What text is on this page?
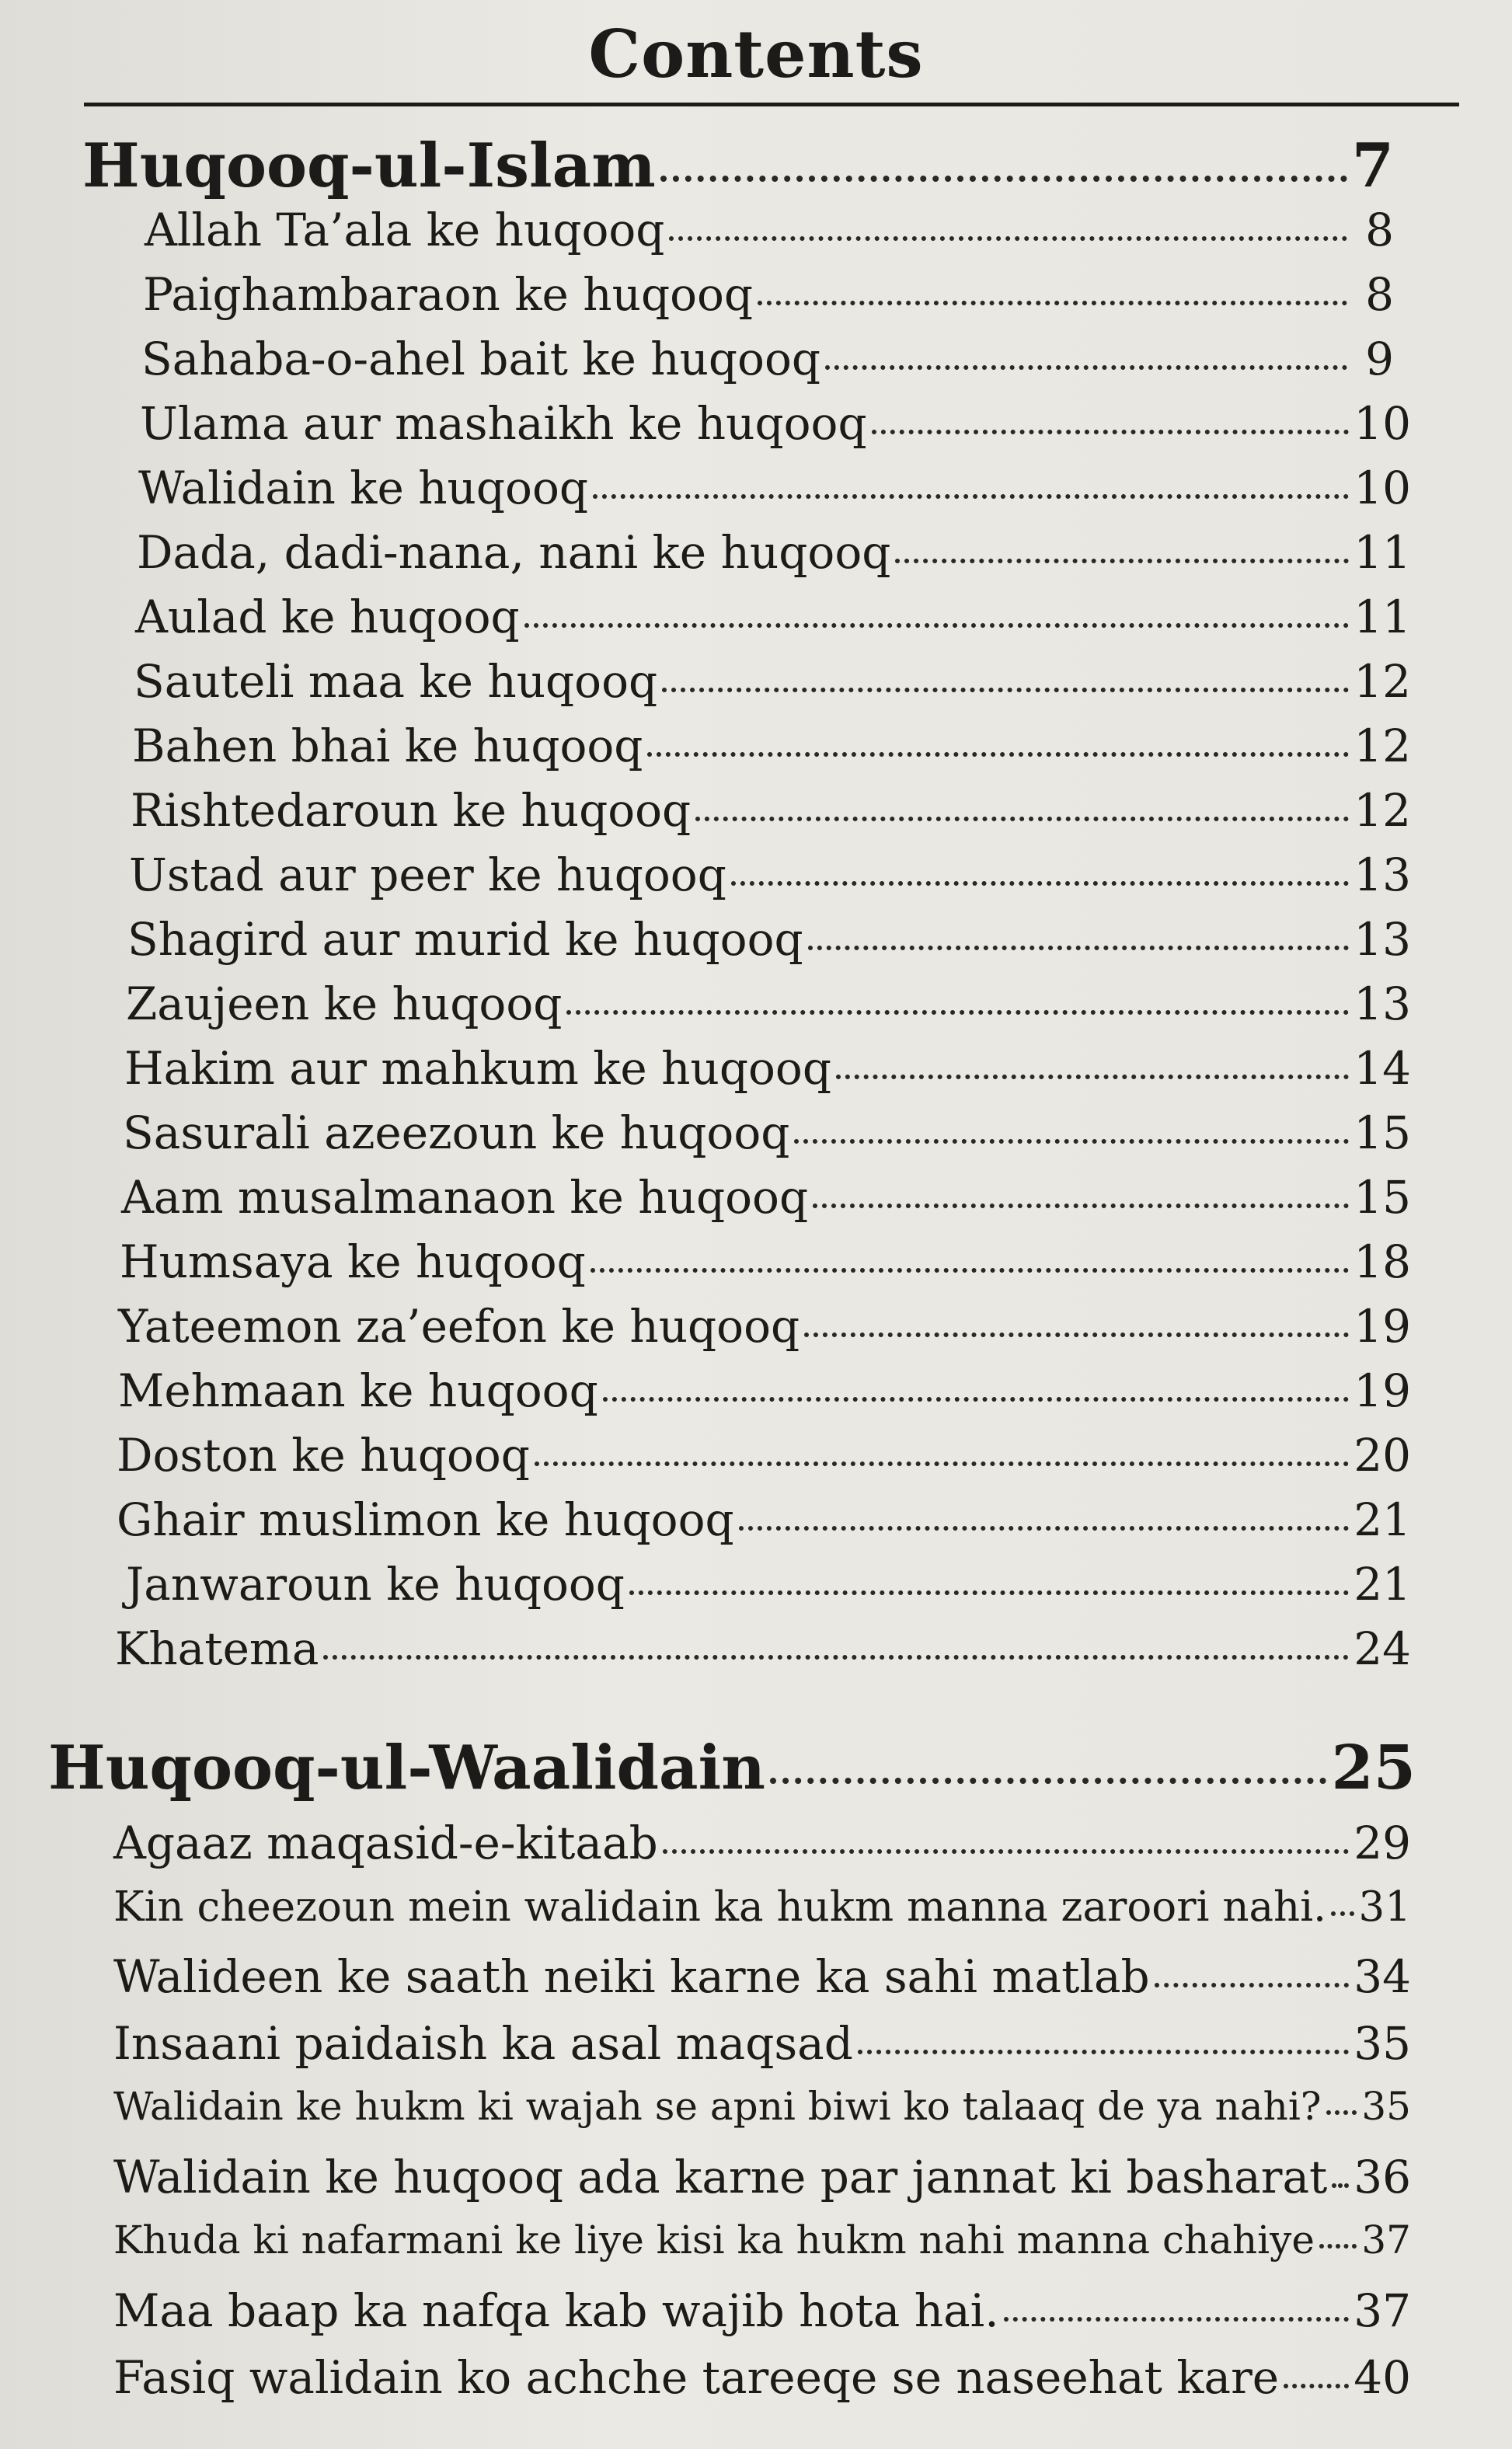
Contents
Huqooq-ul-Islam	7
Allah Ta’ala ke huqooq	8
Paighambaraon ke huqooq	8
Sahaba-o-ahel bait ke huqooq	9
Ulama aur mashaikh ke huqooq	10
Walidain ke huqooq	10
Dada, dadi-nana, nani ke huqooq	11
Aulad ke huqooq	11
Sauteli maa ke huqooq	12
Bahen bhai ke huqooq	12
Rishtedaroun ke huqooq	12
Ustad aur peer ke huqooq	13
Shagird aur murid ke huqooq	13
Zaujeen ke huqooq	13
Hakim aur mahkum ke huqooq	14
Sasurali azeezoun ke huqooq	15
Aam musalmanaon ke huqooq	15
Humsaya ke huqooq	18
Yateemon za’eefon ke huqooq	19
Mehmaan ke huqooq	19
Doston ke huqooq	20
Ghair muslimon ke huqooq	21
Janwaroun ke huqooq	21
Khatema	24
Huqooq-ul-Waalidain	25
Agaaz maqasid-e-kitaab	29
Kin cheezoun mein walidain ka hukm manna zaroori nahi. 31
Walideen ke saath neiki karne ka sahi matlab	34
Insaani paidaish ka asal maqsad	35
Walidain ke hukm ki wajah se apni biwi ko talaaq de ya nahi? 35
Walidain ke huqooq ada karne par jannat ki basharat 36
Khuda ki nafarmani ke liye kisi ka hukm nahi manna chahiye 37
Maa baap ka nafqa kab wajib hota hai.	37
Fasiq walidain ko achche tareeqe se naseehat kare 40
